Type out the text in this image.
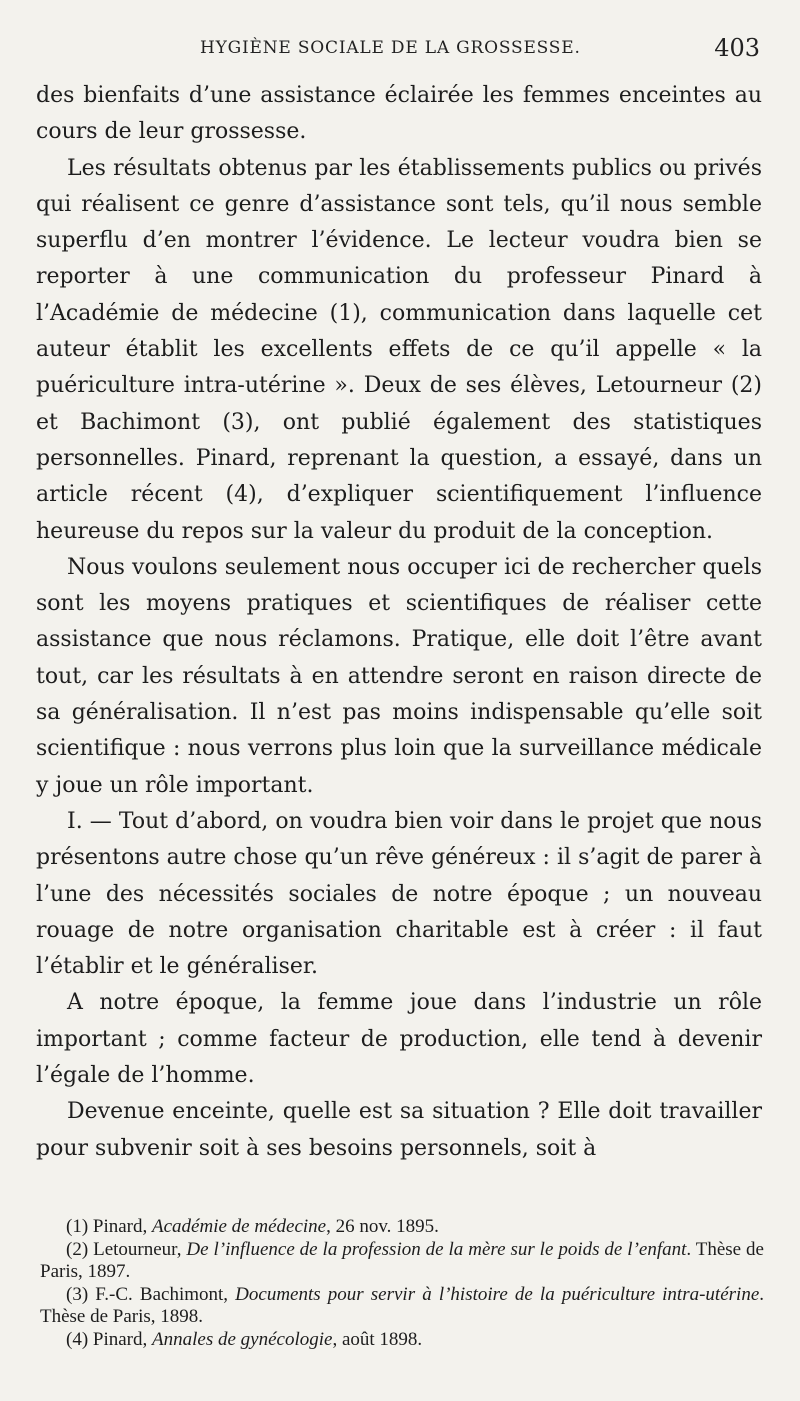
HYGIÈNE SOCIALE DE LA GROSSESSE.	403

des bienfaits d’une assistance éclairée les femmes enceintes au cours de leur grossesse.

Les résultats obtenus par les établissements publics ou privés qui réalisent ce genre d’assistance sont tels, qu’il nous semble superflu d’en montrer l’évidence. Le lecteur voudra bien se reporter à une communication du professeur Pinard à l’Académie de médecine (1), communication dans laquelle cet auteur établit les excellents effets de ce qu’il appelle « la puériculture intra-utérine ». Deux de ses élèves, Letourneur (2) et Bachimont (3), ont publié également des statistiques personnelles. Pinard, reprenant la question, a essayé, dans un article récent (4), d’expliquer scientifiquement l’influence heureuse du repos sur la valeur du produit de la conception.

Nous voulons seulement nous occuper ici de rechercher quels sont les moyens pratiques et scientifiques de réaliser cette assistance que nous réclamons. Pratique, elle doit l’être avant tout, car les résultats à en attendre seront en raison directe de sa généralisation. Il n’est pas moins indispensable qu’elle soit scientifique : nous verrons plus loin que la surveillance médicale y joue un rôle important.

I. — Tout d’abord, on voudra bien voir dans le projet que nous présentons autre chose qu’un rêve généreux : il s’agit de parer à l’une des nécessités sociales de notre époque ; un nouveau rouage de notre organisation charitable est à créer : il faut l’établir et le généraliser.

A notre époque, la femme joue dans l’industrie un rôle important ; comme facteur de production, elle tend à devenir l’égale de l’homme.

Devenue enceinte, quelle est sa situation ? Elle doit travailler pour subvenir soit à ses besoins personnels, soit à

(1) Pinard, Académie de médecine, 26 nov. 1895.

(2) Letourneur, De l’influence de la profession de la mère sur le poids de l’enfant. Thèse de Paris, 1897.

(3) F.-C. Bachimont, Documents pour servir à l’histoire de la puériculture intra-utérine. Thèse de Paris, 1898.

(4) Pinard, Annales de gynécologie, août 1898.
